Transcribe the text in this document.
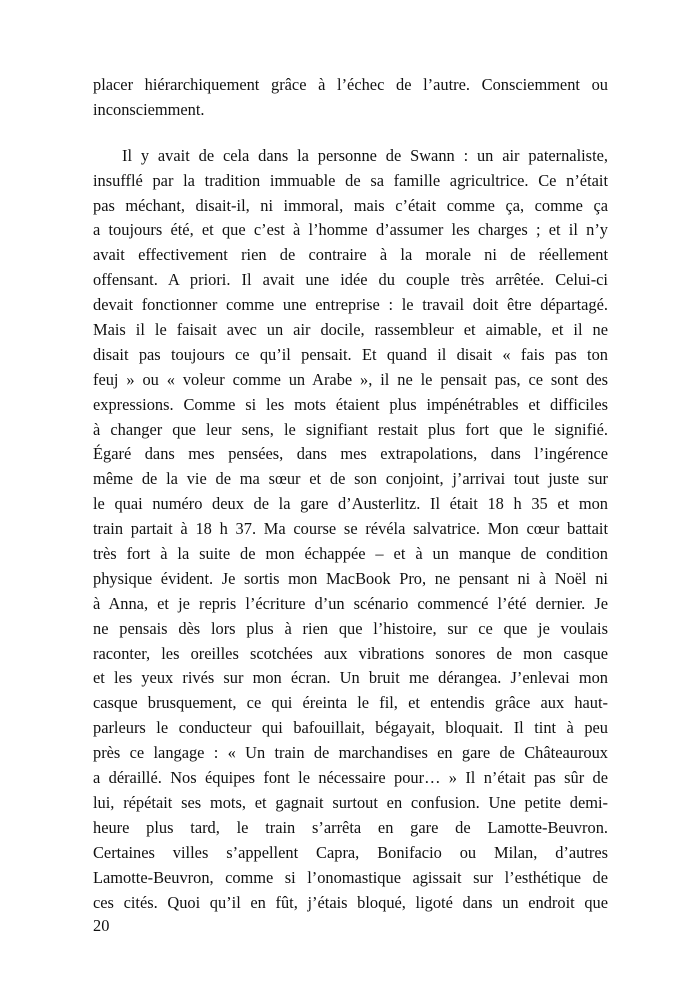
placer hiérarchiquement grâce à l’échec de l’autre. Consciemment ou
inconsciemment.
Il y avait de cela dans la personne de Swann : un air paternaliste,
insufflé par la tradition immuable de sa famille agricultrice. Ce n’était
pas méchant, disait-il, ni immoral, mais c’était comme ça, comme ça
a toujours été, et que c’est à l’homme d’assumer les charges ; et il n’y
avait effectivement rien de contraire à la morale ni de réellement
offensant. A priori. Il avait une idée du couple très arrêtée. Celui-ci
devait fonctionner comme une entreprise : le travail doit être départagé.
Mais il le faisait avec un air docile, rassembleur et aimable, et il ne
disait pas toujours ce qu’il pensait. Et quand il disait « fais pas ton
feuj » ou « voleur comme un Arabe », il ne le pensait pas, ce sont des
expressions. Comme si les mots étaient plus impénétrables et difficiles
à changer que leur sens, le signifiant restait plus fort que le signifié.
Égaré dans mes pensées, dans mes extrapolations, dans l’ingérence
même de la vie de ma sœur et de son conjoint, j’arrivai tout juste sur
le quai numéro deux de la gare d’Austerlitz. Il était 18 h 35 et mon
train partait à 18 h 37. Ma course se révéla salvatrice. Mon cœur battait
très fort à la suite de mon échappée – et à un manque de condition
physique évident. Je sortis mon MacBook Pro, ne pensant ni à Noël ni
à Anna, et je repris l’écriture d’un scénario commencé l’été dernier. Je
ne pensais dès lors plus à rien que l’histoire, sur ce que je voulais
raconter, les oreilles scotchées aux vibrations sonores de mon casque
et les yeux rivés sur mon écran. Un bruit me dérangea. J’enlevai mon
casque brusquement, ce qui éreinta le fil, et entendis grâce aux haut-
parleurs le conducteur qui bafouillait, bégayait, bloquait. Il tint à peu
près ce langage : « Un train de marchandises en gare de Châteauroux
a déraillé. Nos équipes font le nécessaire pour… » Il n’était pas sûr de
lui, répétait ses mots, et gagnait surtout en confusion. Une petite demi-
heure plus tard, le train s’arrêta en gare de Lamotte-Beuvron.
Certaines villes s’appellent Capra, Bonifacio ou Milan, d’autres
Lamotte-Beuvron, comme si l’onomastique agissait sur l’esthétique de
ces cités. Quoi qu’il en fût, j’étais bloqué, ligoté dans un endroit que
20
